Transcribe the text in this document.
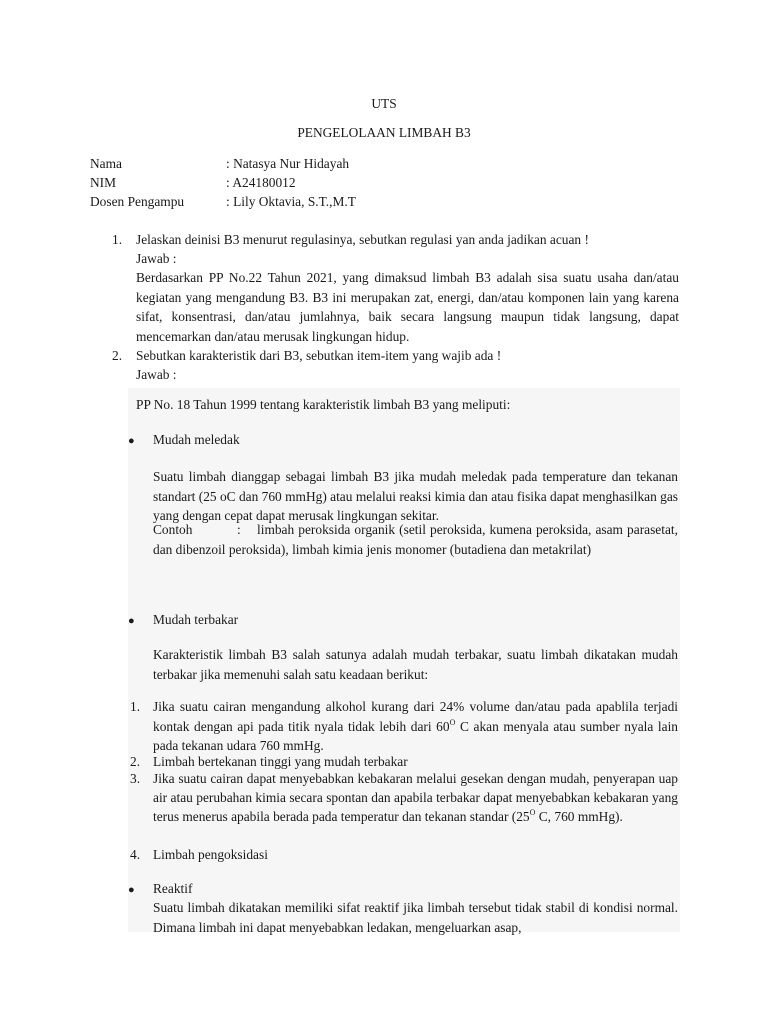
UTS
PENGELOLAAN LIMBAH B3
Nama	: Natasya Nur Hidayah
NIM	: A24180012
Dosen Pengampu	: Lily Oktavia, S.T.,M.T
1. Jelaskan deinisi B3 menurut regulasinya, sebutkan regulasi yan anda jadikan acuan !
Jawab :
Berdasarkan PP No.22 Tahun 2021, yang dimaksud limbah B3 adalah sisa suatu usaha dan/atau kegiatan yang mengandung B3. B3 ini merupakan zat, energi, dan/atau komponen lain yang karena sifat, konsentrasi, dan/atau jumlahnya, baik secara langsung maupun tidak langsung, dapat mencemarkan dan/atau merusak lingkungan hidup.
2. Sebutkan karakteristik dari B3, sebutkan item-item yang wajib ada !
Jawab :
PP No. 18 Tahun 1999 tentang karakteristik limbah B3 yang meliputi:
● Mudah meledak
Suatu limbah dianggap sebagai limbah B3 jika mudah meledak pada temperature dan tekanan standart (25 oC dan 760 mmHg) atau melalui reaksi kimia dan atau fisika dapat menghasilkan gas yang dengan cepat dapat merusak lingkungan sekitar.
Contoh	: limbah peroksida organik (setil peroksida, kumena peroksida, asam parasetat, dan dibenzoil peroksida), limbah kimia jenis monomer (butadiena dan metakrilat)
● Mudah terbakar
Karakteristik limbah B3 salah satunya adalah mudah terbakar, suatu limbah dikatakan mudah terbakar jika memenuhi salah satu keadaan berikut:
1. Jika suatu cairan mengandung alkohol kurang dari 24% volume dan/atau pada apablila terjadi kontak dengan api pada titik nyala tidak lebih dari $60^O$ C akan menyala atau sumber nyala lain pada tekanan udara 760 mmHg.
2. Limbah bertekanan tinggi yang mudah terbakar
3. Jika suatu cairan dapat menyebabkan kebakaran melalui gesekan dengan mudah, penyerapan uap air atau perubahan kimia secara spontan dan apabila terbakar dapat menyebabkan kebakaran yang terus menerus apabila berada pada temperatur dan tekanan standar ($25^O$ C, 760 mmHg).
4. Limbah pengoksidasi
● Reaktif
Suatu limbah dikatakan memiliki sifat reaktif jika limbah tersebut tidak stabil di kondisi normal. Dimana limbah ini dapat menyebabkan ledakan, mengeluarkan asap,
